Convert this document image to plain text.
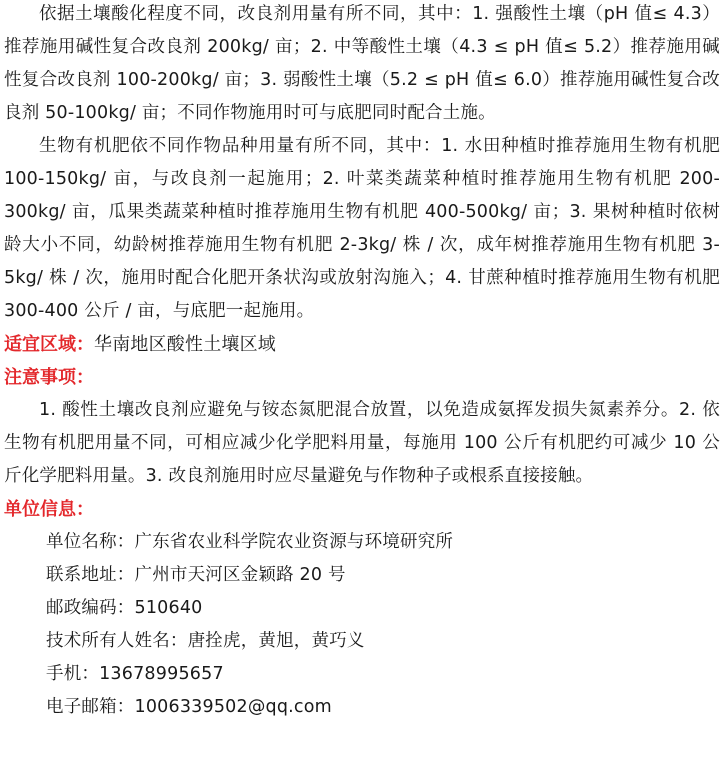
依据土壤酸化程度不同，改良剂用量有所不同，其中：1. 强酸性土壤（pH 值≤ 4.3）推荐施用碱性复合改良剂 200kg/ 亩；2. 中等酸性土壤（4.3 ≤ pH 值≤ 5.2）推荐施用碱性复合改良剂 100-200kg/ 亩；3. 弱酸性土壤（5.2 ≤ pH 值≤ 6.0）推荐施用碱性复合改良剂 50-100kg/ 亩；不同作物施用时可与底肥同时配合土施。

生物有机肥依不同作物品种用量有所不同，其中：1. 水田种植时推荐施用生物有机肥 100-150kg/ 亩，与改良剂一起施用；2. 叶菜类蔬菜种植时推荐施用生物有机肥 200-300kg/ 亩，瓜果类蔬菜种植时推荐施用生物有机肥 400-500kg/ 亩；3. 果树种植时依树龄大小不同，幼龄树推荐施用生物有机肥 2-3kg/ 株 / 次，成年树推荐施用生物有机肥 3-5kg/ 株 / 次，施用时配合化肥开条状沟或放射沟施入；4. 甘蔗种植时推荐施用生物有机肥 300-400 公斤 / 亩，与底肥一起施用。

适宜区域：华南地区酸性土壤区域

注意事项：

1. 酸性土壤改良剂应避免与铵态氮肥混合放置，以免造成氨挥发损失氮素养分。2. 依生物有机肥用量不同，可相应减少化学肥料用量，每施用 100 公斤有机肥约可减少 10 公斤化学肥料用量。3. 改良剂施用时应尽量避免与作物种子或根系直接接触。

单位信息：

单位名称：广东省农业科学院农业资源与环境研究所

联系地址：广州市天河区金颖路 20 号

邮政编码：510640

技术所有人姓名：唐拴虎，黄旭，黄巧义

手机：13678995657

电子邮箱：1006339502@qq.com
